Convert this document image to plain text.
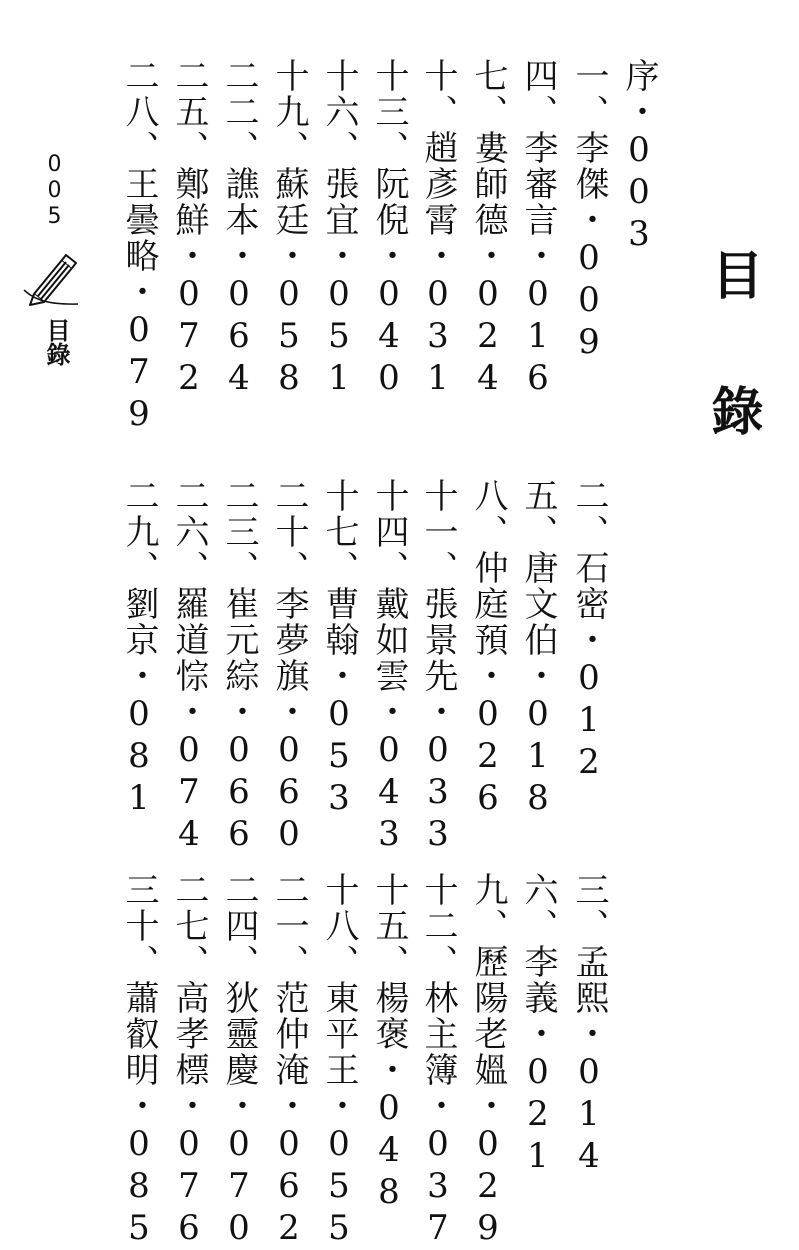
目錄
序・003
一、李傑・009
四、李審言・016
七、婁師德・024
十、趙彥霄・031
十三、阮倪・040
十六、張宜・051
十九、蘇廷・058
二二、譙本・064
二五、鄭鮮・072
二八、王曇略・079
二、石密・012
五、唐文伯・018
八、仲庭預・026
十一、張景先・033
十四、戴如雲・043
十七、曹翰・053
二十、李夢旗・060
二三、崔元綜・066
二六、羅道悰・074
二九、劉京・081
三、孟熙・014
六、李義・021
九、歷陽老媼・029
十二、林主簿・037
十五、楊褒・048
十八、東平王・055
二一、范仲淹・062
二四、狄靈慶・070
二七、高孝標・076
三十、蕭叡明・085
005
目錄
